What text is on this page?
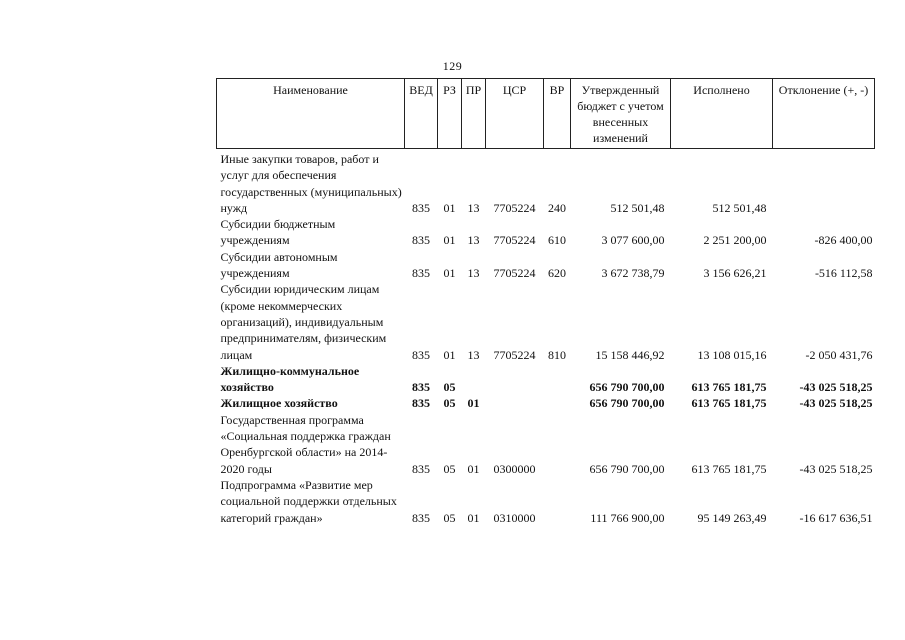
129
Наименование	ВЕД	РЗ	ПР	ЦСР	ВР	Утвержденный бюджет с учетом внесенных изменений	Исполнено	Отклонение (+, -)
Иные закупки товаров, работ и услуг для обеспечения государственных (муниципальных) нужд	835	01	13	7705224	240	512 501,48	512 501,48	
Субсидии бюджетным учреждениям	835	01	13	7705224	610	3 077 600,00	2 251 200,00	-826 400,00
Субсидии автономным учреждениям	835	01	13	7705224	620	3 672 738,79	3 156 626,21	-516 112,58
Субсидии юридическим лицам (кроме некоммерческих организаций), индивидуальным предпринимателям, физическим лицам	835	01	13	7705224	810	15 158 446,92	13 108 015,16	-2 050 431,76
Жилищно-коммунальное хозяйство	835	05				656 790 700,00	613 765 181,75	-43 025 518,25
Жилищное хозяйство	835	05	01			656 790 700,00	613 765 181,75	-43 025 518,25
Государственная программа «Социальная поддержка граждан Оренбургской области» на 2014-2020 годы	835	05	01	0300000		656 790 700,00	613 765 181,75	-43 025 518,25
Подпрограмма «Развитие мер социальной поддержки отдельных категорий граждан»	835	05	01	0310000		111 766 900,00	95 149 263,49	-16 617 636,51
